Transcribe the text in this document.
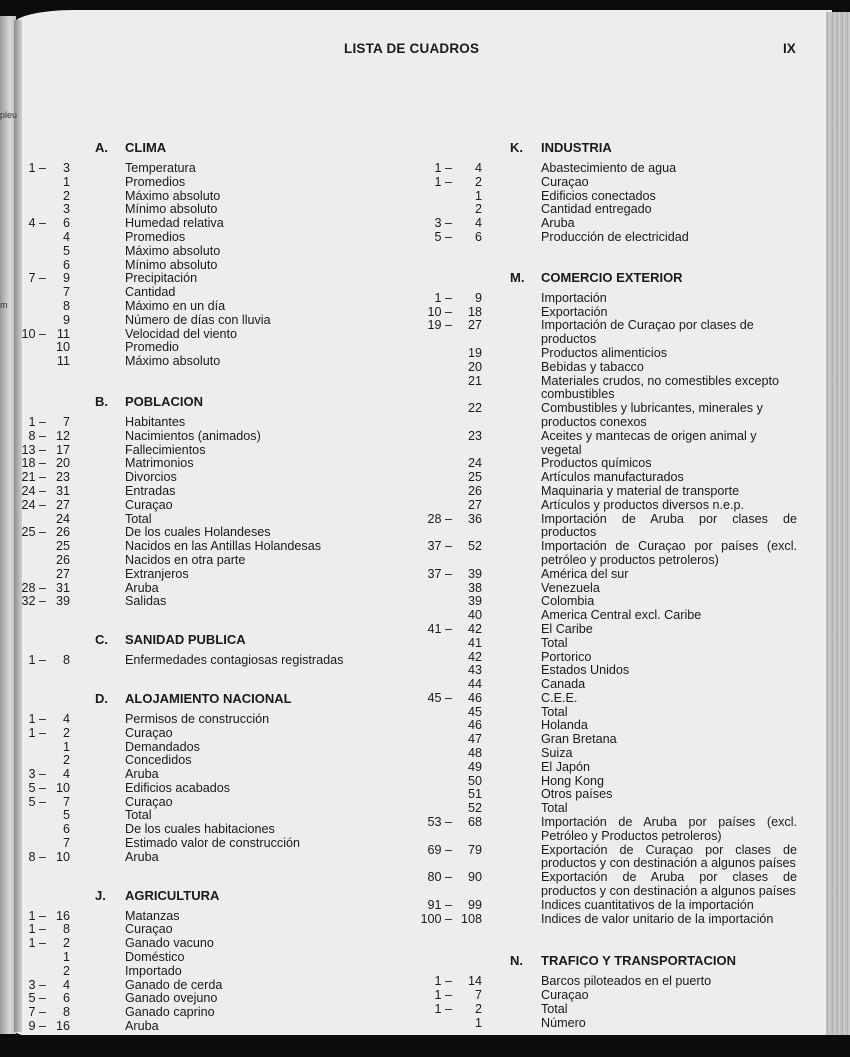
pleu
m
LISTA DE CUADROS	IX
A. CLIMA
1 –	3	Temperatura
1	Promedios
2	Máximo absoluto
3	Mínimo absoluto
4 –	6	Humedad relativa
4	Promedios
5	Máximo absoluto
6	Mínimo absoluto
7 –	9	Precipitación
7	Cantidad
8	Máximo en un día
9	Número de días con lluvia
10 – 11	Velocidad del viento
10	Promedio
11	Máximo absoluto
B. POBLACION
1 –	7	Habitantes
8 – 12	Nacimientos (animados)
13 – 17	Fallecimientos
18 – 20	Matrimonios
21 – 23	Divorcios
24 – 31	Entradas
24 – 27	Curaçao
24	Total
25 – 26	De los cuales Holandeses
25	Nacidos en las Antillas Holandesas
26	Nacidos en otra parte
27	Extranjeros
28 – 31	Aruba
32 – 39	Salidas
C. SANIDAD PUBLICA
1 –	8	Enfermedades contagiosas registradas
D. ALOJAMIENTO NACIONAL
1 –	4	Permisos de construcción
1 –	2	Curaçao
1	Demandados
2	Concedidos
3 –	4	Aruba
5 – 10	Edificios acabados
5 –	7	Curaçao
5	Total
6	De los cuales habitaciones
7	Estimado valor de construcción
8 – 10	Aruba
J. AGRICULTURA
1 – 16	Matanzas
1 –	8	Curaçao
1 –	2	Ganado vacuno
1	Doméstico
2	Importado
3 –	4	Ganado de cerda
5 –	6	Ganado ovejuno
7 –	8	Ganado caprino
9 – 16	Aruba
K. INDUSTRIA
1 –	4	Abastecimiento de agua
1 –	2	Curaçao
1	Edificios conectados
2	Cantidad entregado
3 –	4	Aruba
5 –	6	Producción de electricidad
M. COMERCIO EXTERIOR
1 –	9	Importación
10 –	18	Exportación
19 –	27	Importación de Curaçao por clases de productos
19	Productos alimenticios
20	Bebidas y tabacco
21	Materiales crudos, no comestibles excepto combustibles
22	Combustibles y lubricantes, minerales y productos conexos
23	Aceites y mantecas de origen animal y vegetal
24	Productos químicos
25	Artículos manufacturados
26	Maquinaria y material de transporte
27	Artículos y productos diversos n.e.p.
28 –	36	Importación de Aruba por clases de productos
37 –	52	Importación de Curaçao por países (excl. petróleo y productos petroleros)
37 –	39	América del sur
38	Venezuela
39	Colombia
40	America Central excl. Caribe
41 –	42	El Caribe
41	Total
42	Portorico
43	Estados Unidos
44	Canada
45 –	46	C.E.E.
45	Total
46	Holanda
47	Gran Bretana
48	Suiza
49	El Japón
50	Hong Kong
51	Otros países
52	Total
53 –	68	Importación de Aruba por países (excl. Petróleo y Productos petroleros)
69 –	79	Exportación de Curaçao por clases de productos y con destinación a algunos países
80 –	90	Exportación de Aruba por clases de productos y con destinación a algunos países
91 –	99	Indices cuantitativos de la importación
100 – 108	Indices de valor unitario de la importación
N. TRAFICO Y TRANSPORTACION
1 –	14	Barcos piloteados en el puerto
1 –	7	Curaçao
1 –	2	Total
1	Número
